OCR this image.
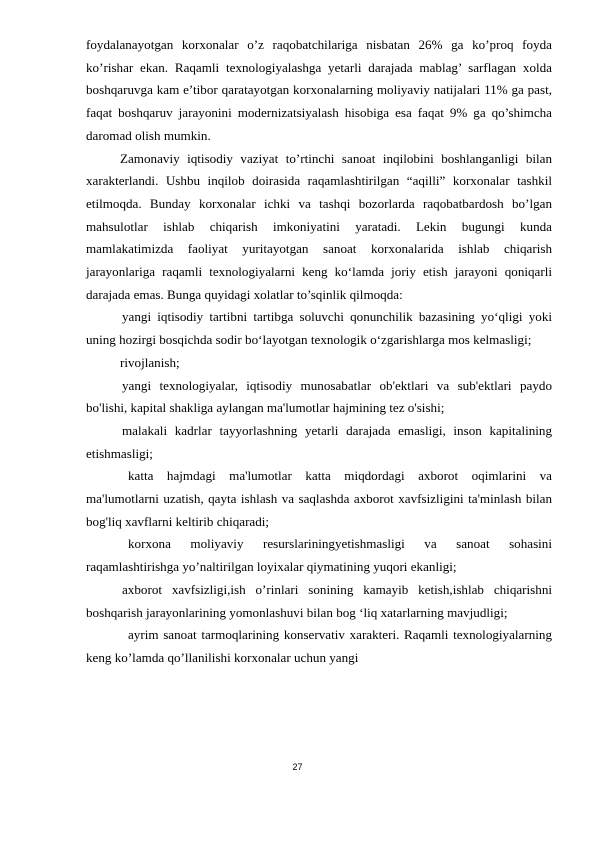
foydalanayotgan korxonalar o’z raqobatchilariga nisbatan 26% ga ko’proq foyda ko’rishar ekan. Raqamli texnologiyalashga yetarli darajada mablag’ sarflagan xolda boshqaruvga kam e’tibor qaratayotgan korxonalarning moliyaviy natijalari 11% ga past, faqat boshqaruv jarayonini modernizatsiyalash hisobiga esa faqat 9% ga qo’shimcha daromad olish mumkin.

Zamonaviy iqtisodiy vaziyat to’rtinchi sanoat inqilobini boshlanganligi bilan xarakterlandi. Ushbu inqilob doirasida raqamlashtirilgan “aqilli” korxonalar tashkil etilmoqda. Bunday korxonalar ichki va tashqi bozorlarda raqobatbardosh bo’lgan mahsulotlar ishlab chiqarish imkoniyatini yaratadi. Lekin bugungi kunda mamlakatimizda faoliyat yuritayotgan sanoat korxonalarida ishlab chiqarish jarayonlariga raqamli texnologiyalarni keng ko‘lamda joriy etish jarayoni qoniqarli darajada emas. Bunga quyidagi xolatlar to’sqinlik qilmoqda:

yangi iqtisodiy tartibni tartibga soluvchi qonunchilik bazasining yo‘qligi yoki uning hozirgi bosqichda sodir bo‘layotgan texnologik o‘zgarishlarga mos kelmasligi;

rivojlanish;

yangi texnologiyalar, iqtisodiy munosabatlar ob'ektlari va sub'ektlari paydo bo'lishi, kapital shakliga aylangan ma'lumotlar hajmining tez o'sishi;

malakali kadrlar tayyorlashning yetarli darajada emasligi, inson kapitalining etishmasligi;

katta hajmdagi ma'lumotlar katta miqdordagi axborot oqimlarini va ma'lumotlarni uzatish, qayta ishlash va saqlashda axborot xavfsizligini ta'minlash bilan bog'liq xavflarni keltirib chiqaradi;

korxona moliyaviy resurslariningyetishmasligi va sanoat sohasini raqamlashtirishga yo’naltirilgan loyixalar qiymatining yuqori ekanligi;

axborot xavfsizligi,ish o’rinlari sonining kamayib ketish,ishlab chiqarishni boshqarish jarayonlarining yomonlashuvi bilan bog ‘liq xatarlarning mavjudligi;

ayrim sanoat tarmoqlarining konservativ xarakteri. Raqamli texnologiyalarning keng ko’lamda qo’llanilishi korxonalar uchun yangi

27
